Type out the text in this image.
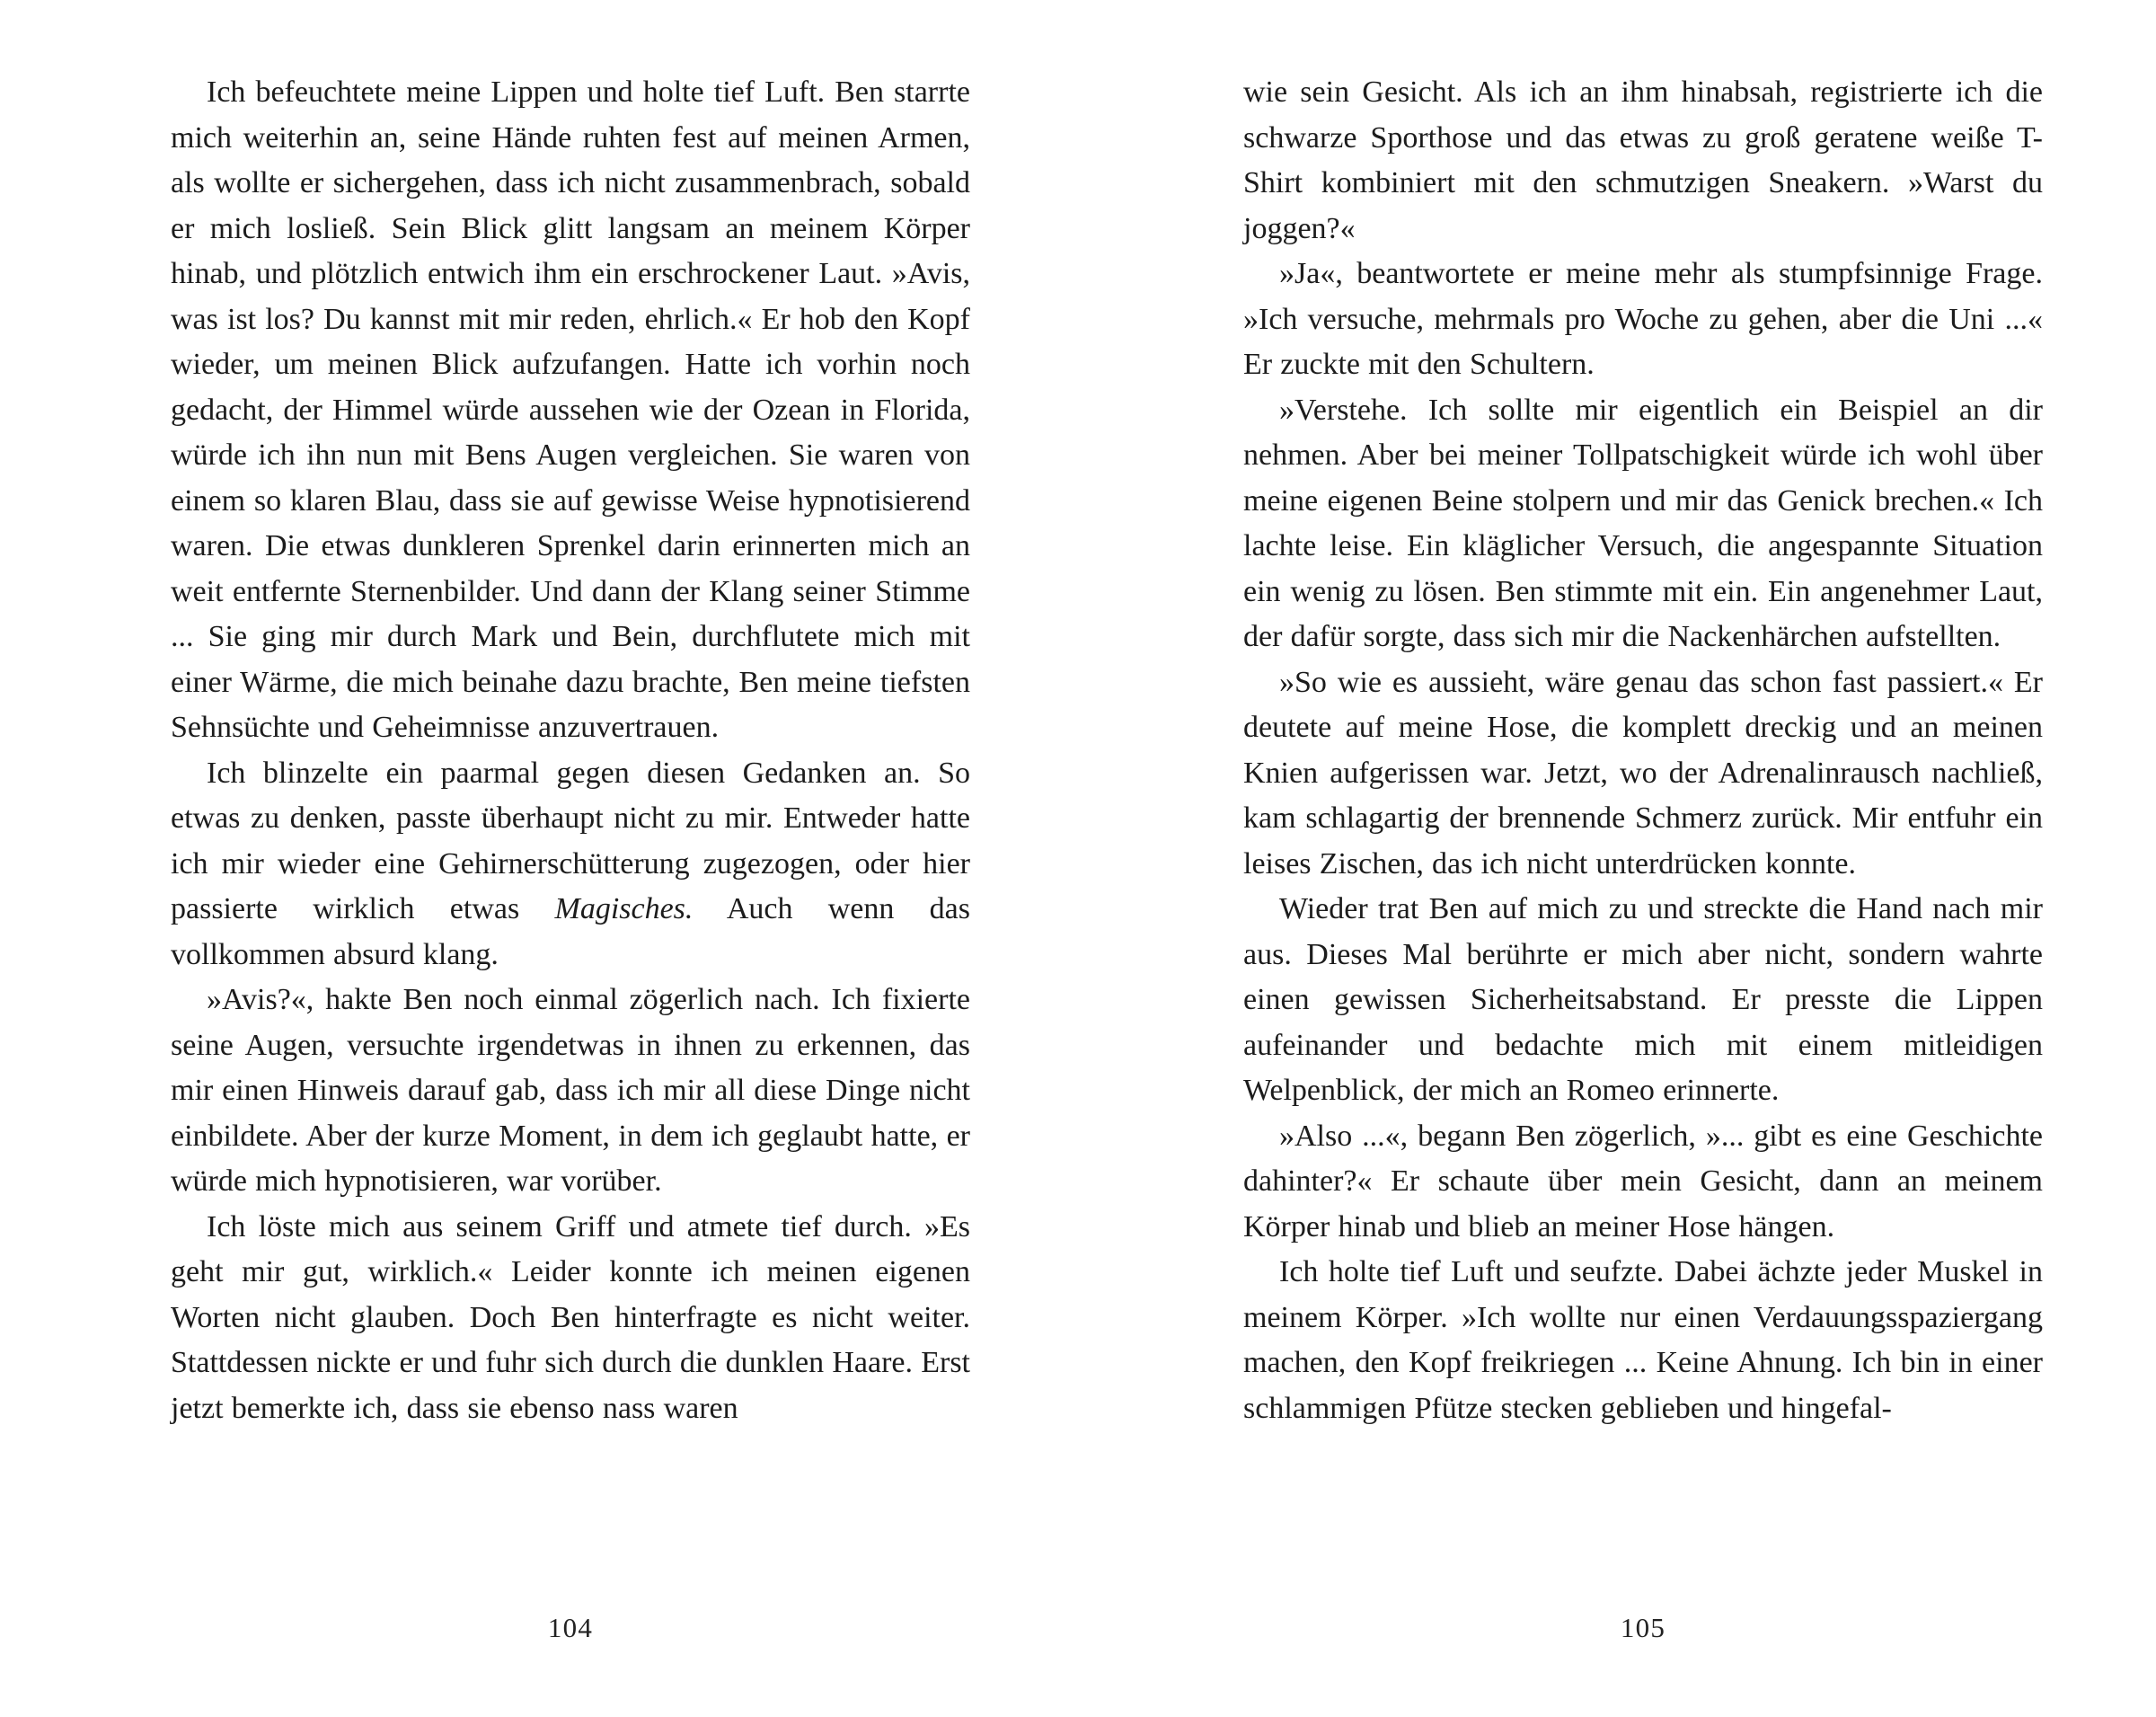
Ich befeuchtete meine Lippen und holte tief Luft. Ben starrte mich weiterhin an, seine Hände ruhten fest auf meinen Armen, als wollte er sichergehen, dass ich nicht zusammenbrach, sobald er mich losließ. Sein Blick glitt langsam an meinem Körper hinab, und plötzlich entwich ihm ein erschrockener Laut. »Avis, was ist los? Du kannst mit mir reden, ehrlich.« Er hob den Kopf wieder, um meinen Blick aufzufangen. Hatte ich vorhin noch gedacht, der Himmel würde aussehen wie der Ozean in Florida, würde ich ihn nun mit Bens Augen vergleichen. Sie waren von einem so klaren Blau, dass sie auf gewisse Weise hypnotisierend waren. Die etwas dunkleren Sprenkel darin erinnerten mich an weit entfernte Sternenbilder. Und dann der Klang seiner Stimme ... Sie ging mir durch Mark und Bein, durchflutete mich mit einer Wärme, die mich beinahe dazu brachte, Ben meine tiefsten Sehnsüchte und Geheimnisse anzuvertrauen.

Ich blinzelte ein paarmal gegen diesen Gedanken an. So etwas zu denken, passte überhaupt nicht zu mir. Entweder hatte ich mir wieder eine Gehirnerschütterung zugezogen, oder hier passierte wirklich etwas Magisches. Auch wenn das vollkommen absurd klang.

»Avis?«, hakte Ben noch einmal zögerlich nach. Ich fixierte seine Augen, versuchte irgendetwas in ihnen zu erkennen, das mir einen Hinweis darauf gab, dass ich mir all diese Dinge nicht einbildete. Aber der kurze Moment, in dem ich geglaubt hatte, er würde mich hypnotisieren, war vorüber.

Ich löste mich aus seinem Griff und atmete tief durch. »Es geht mir gut, wirklich.« Leider konnte ich meinen eigenen Worten nicht glauben. Doch Ben hinterfragte es nicht weiter. Stattdessen nickte er und fuhr sich durch die dunklen Haare. Erst jetzt bemerkte ich, dass sie ebenso nass waren

104

wie sein Gesicht. Als ich an ihm hinabsah, registrierte ich die schwarze Sporthose und das etwas zu groß geratene weiße T-Shirt kombiniert mit den schmutzigen Sneakern. »Warst du joggen?«

»Ja«, beantwortete er meine mehr als stumpfsinnige Frage. »Ich versuche, mehrmals pro Woche zu gehen, aber die Uni ...« Er zuckte mit den Schultern.

»Verstehe. Ich sollte mir eigentlich ein Beispiel an dir nehmen. Aber bei meiner Tollpatschigkeit würde ich wohl über meine eigenen Beine stolpern und mir das Genick brechen.« Ich lachte leise. Ein kläglicher Versuch, die angespannte Situation ein wenig zu lösen. Ben stimmte mit ein. Ein angenehmer Laut, der dafür sorgte, dass sich mir die Nackenhärchen aufstellten.

»So wie es aussieht, wäre genau das schon fast passiert.« Er deutete auf meine Hose, die komplett dreckig und an meinen Knien aufgerissen war. Jetzt, wo der Adrenalinrausch nachließ, kam schlagartig der brennende Schmerz zurück. Mir entfuhr ein leises Zischen, das ich nicht unterdrücken konnte.

Wieder trat Ben auf mich zu und streckte die Hand nach mir aus. Dieses Mal berührte er mich aber nicht, sondern wahrte einen gewissen Sicherheitsabstand. Er presste die Lippen aufeinander und bedachte mich mit einem mitleidigen Welpenblick, der mich an Romeo erinnerte.

»Also ...«, begann Ben zögerlich, »... gibt es eine Geschichte dahinter?« Er schaute über mein Gesicht, dann an meinem Körper hinab und blieb an meiner Hose hängen.

Ich holte tief Luft und seufzte. Dabei ächzte jeder Muskel in meinem Körper. »Ich wollte nur einen Verdauungsspaziergang machen, den Kopf freikriegen ... Keine Ahnung. Ich bin in einer schlammigen Pfütze stecken geblieben und hingefal-

105
